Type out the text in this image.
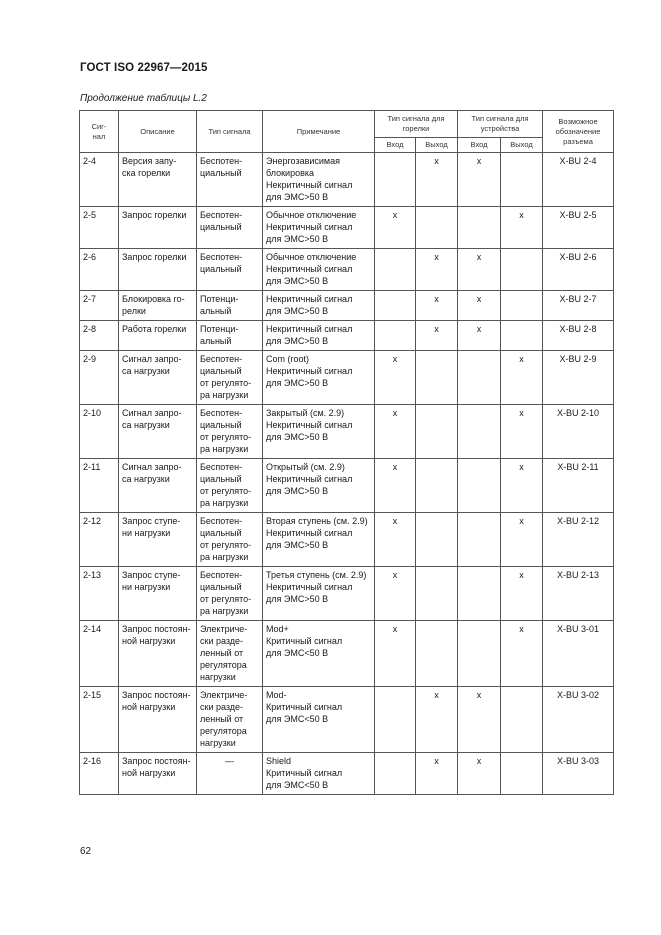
ГОСТ ISO 22967—2015
Продолжение таблицы L.2
Сиг-
нал	Описание	Тип сигнала	Примечание	Тип сигнала для горелки		Тип сигнала для устройства		Возможное обозначение разъема
				Вход	Выход	Вход	Выход	
2-4	Версия запу-
ска горелки	Беспотен-
циальный	Энергозависимая
блокировка
Некритичный сигнал
для ЭМС>50 В		x	x		X-BU 2-4
2-5	Запрос горелки	Беспотен-
циальный	Обычное отключение
Некритичный сигнал
для ЭМС>50 В	x			x	X-BU 2-5
2-6	Запрос горелки	Беспотен-
циальный	Обычное отключение
Некритичный сигнал
для ЭМС>50 В		x	x		X-BU 2-6
2-7	Блокировка го-
релки	Потенци-
альный	Некритичный сигнал
для ЭМС>50 В		x	x		X-BU 2-7
2-8	Работа горелки	Потенци-
альный	Некритичный сигнал
для ЭМС>50 В		x	x		X-BU 2-8
2-9	Сигнал запро-
са нагрузки	Беспотен-
циальный
от регулято-
ра нагрузки	Com (root)
Некритичный сигнал
для ЭМС>50 В	x			x	X-BU 2-9
2-10	Сигнал запро-
са нагрузки	Беспотен-
циальный
от регулято-
ра нагрузки	Закрытый (см. 2.9)
Некритичный сигнал
для ЭМС>50 В	x			x	X-BU 2-10
2-11	Сигнал запро-
са нагрузки	Беспотен-
циальный
от регулято-
ра нагрузки	Открытый (см. 2.9)
Некритичный сигнал
для ЭМС>50 В	x			x	X-BU 2-11
2-12	Запрос ступе-
ни нагрузки	Беспотен-
циальный
от регулято-
ра нагрузки	Вторая ступень (см. 2.9)
Некритичный сигнал
для ЭМС>50 В	x			x	X-BU 2-12
2-13	Запрос ступе-
ни нагрузки	Беспотен-
циальный
от регулято-
ра нагрузки	Третья ступень (см. 2.9)
Некритичный сигнал
для ЭМС>50 В	x			x	X-BU 2-13
2-14	Запрос постоян-
ной нагрузки	Электриче-
ски разде-
ленный от
регулятора
нагрузки	Mod+
Критичный сигнал
для ЭМС<50 В	x			x	X-BU 3-01
2-15	Запрос постоян-
ной нагрузки	Электриче-
ски разде-
ленный от
регулятора
нагрузки	Mod-
Критичный сигнал
для ЭМС<50 В		x	x		X-BU 3-02
2-16	Запрос постоян-
ной нагрузки	—	Shield
Критичный сигнал
для ЭМС<50 В		x	x		X-BU 3-03
62
